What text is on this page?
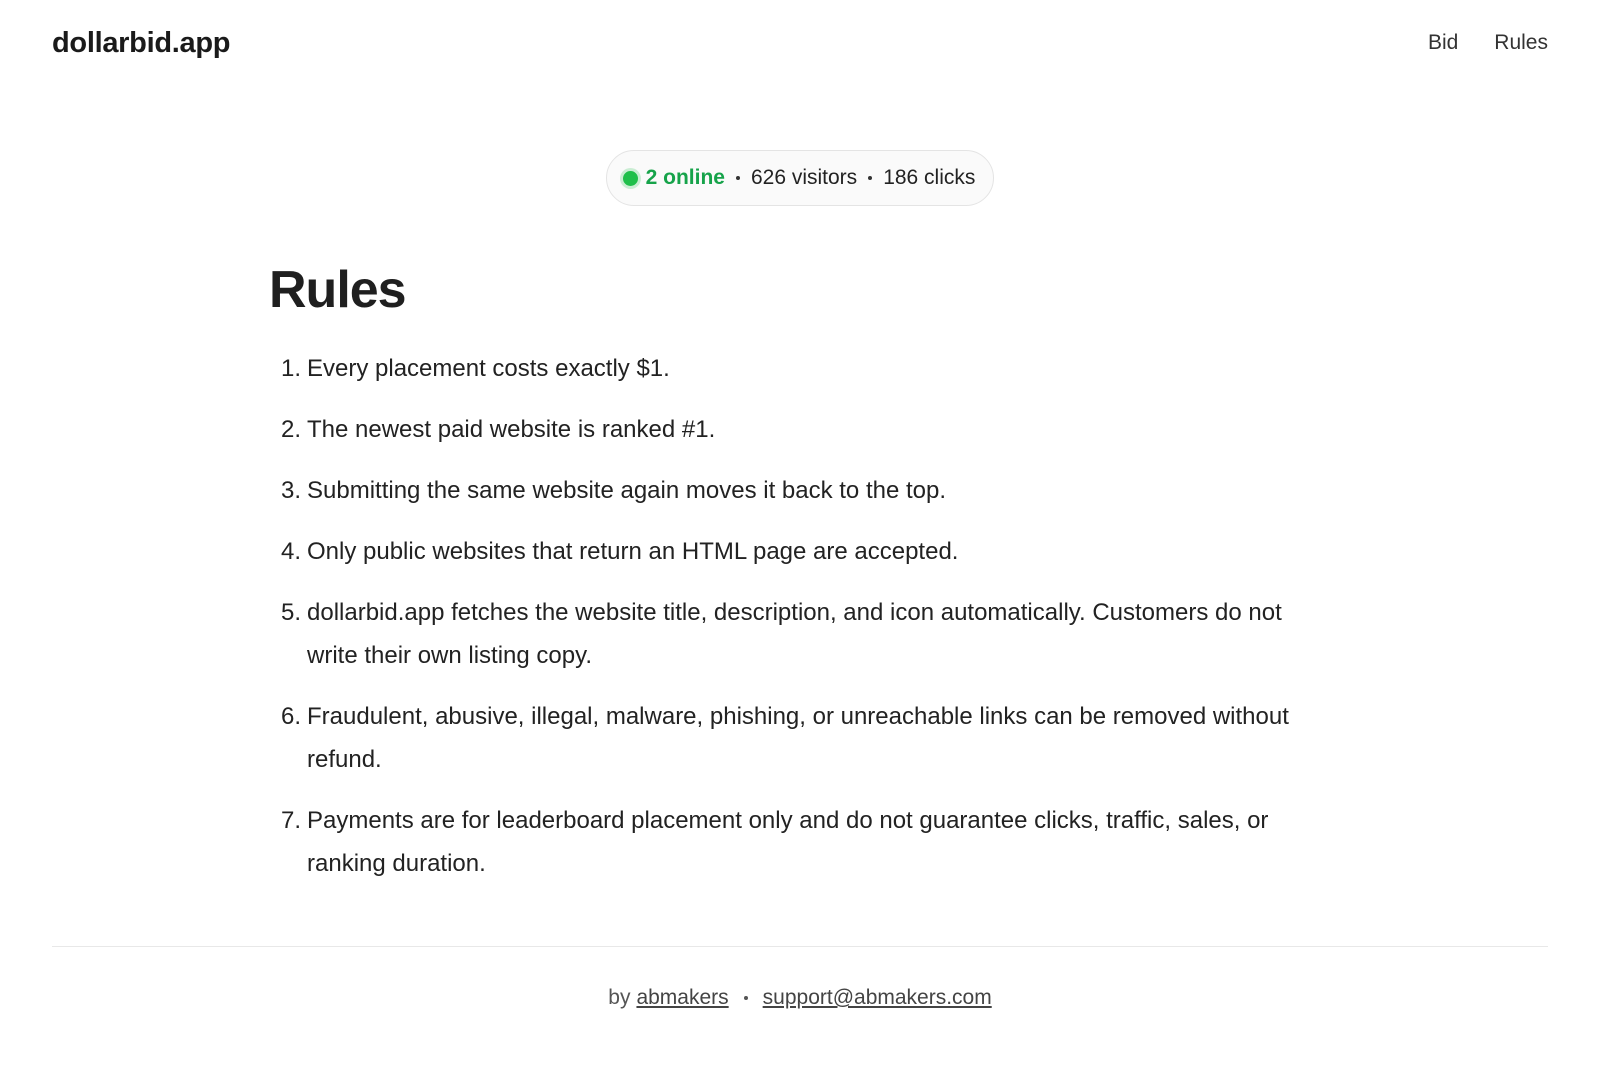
dollarbid.app	Bid Rules
2 online 626 visitors 186 clicks
Rules
1. Every placement costs exactly $1.
2. The newest paid website is ranked #1.
3. Submitting the same website again moves it back to the top.
4. Only public websites that return an HTML page are accepted.
5. dollarbid.app fetches the website title, description, and icon automatically. Customers do not write their own listing copy.
6. Fraudulent, abusive, illegal, malware, phishing, or unreachable links can be removed without refund.
7. Payments are for leaderboard placement only and do not guarantee clicks, traffic, sales, or ranking duration.
by abmakers support@abmakers.com
